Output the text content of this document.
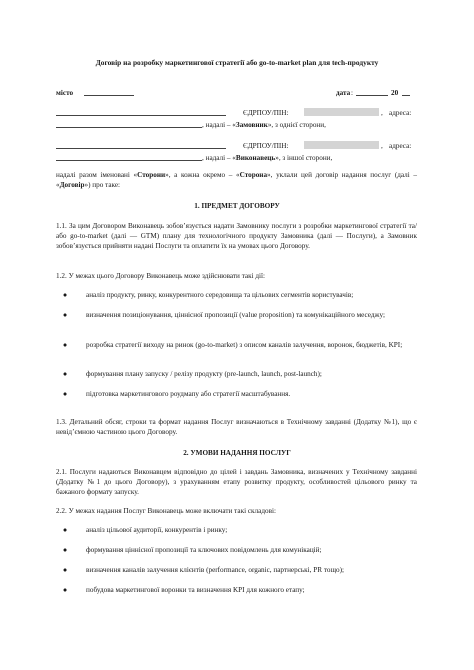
Договір на розробку маркетингової стратегії або go-to-market plan для tech-продукту
місто	дата :	20
ЄДРПОУ/ПІН:	, адреса:
, надалі – «Замовник», з однієї сторони,
ЄДРПОУ/ПІН:	, адреса:
, надалі – «Виконавець», з іншої сторони,
надалі разом іменовані «Сторони», а кожна окремо – «Сторона», уклали цей договір надання послуг (далі – «Договір») про таке:
1. ПРЕДМЕТ ДОГОВОРУ
1.1. За цим Договором Виконавець зобов’язується надати Замовнику послуги з розробки маркетингової стратегії та/або go-to-market (далі — GTM) плану для технологічного продукту Замовника (далі — Послуги), а Замовник зобов’язується прийняти надані Послуги та оплатити їх на умовах цього Договору.
1.2. У межах цього Договору Виконавець може здійснювати такі дії:
●	аналіз продукту, ринку, конкурентного середовища та цільових сегментів користувачів;
●	визначення позиціонування, ціннісної пропозиції (value proposition) та комунікаційного меседжу;
●	розробка стратегії виходу на ринок (go-to-market) з описом каналів залучення, воронок, бюджетів, KPI;
●	формування плану запуску / релізу продукту (pre-launch, launch, post-launch);
●	підготовка маркетингового роудмапу або стратегії масштабування.
1.3. Детальний обсяг, строки та формат надання Послуг визначаються в Технічному завданні (Додатку №1), що є невід’ємною частиною цього Договору.
2. УМОВИ НАДАННЯ ПОСЛУГ
2.1. Послуги надаються Виконавцем відповідно до цілей і завдань Замовника, визначених у Технічному завданні (Додатку №1 до цього Договору), з урахуванням етапу розвитку продукту, особливостей цільового ринку та бажаного формату запуску.
2.2. У межах надання Послуг Виконавець може включати такі складові:
●	аналіз цільової аудиторії, конкурентів і ринку;
●	формування ціннісної пропозиції та ключових повідомлень для комунікацій;
●	визначення каналів залучення клієнтів (performance, organic, партнерські, PR тощо);
●	побудова маркетингової воронки та визначення KPI для кожного етапу;
